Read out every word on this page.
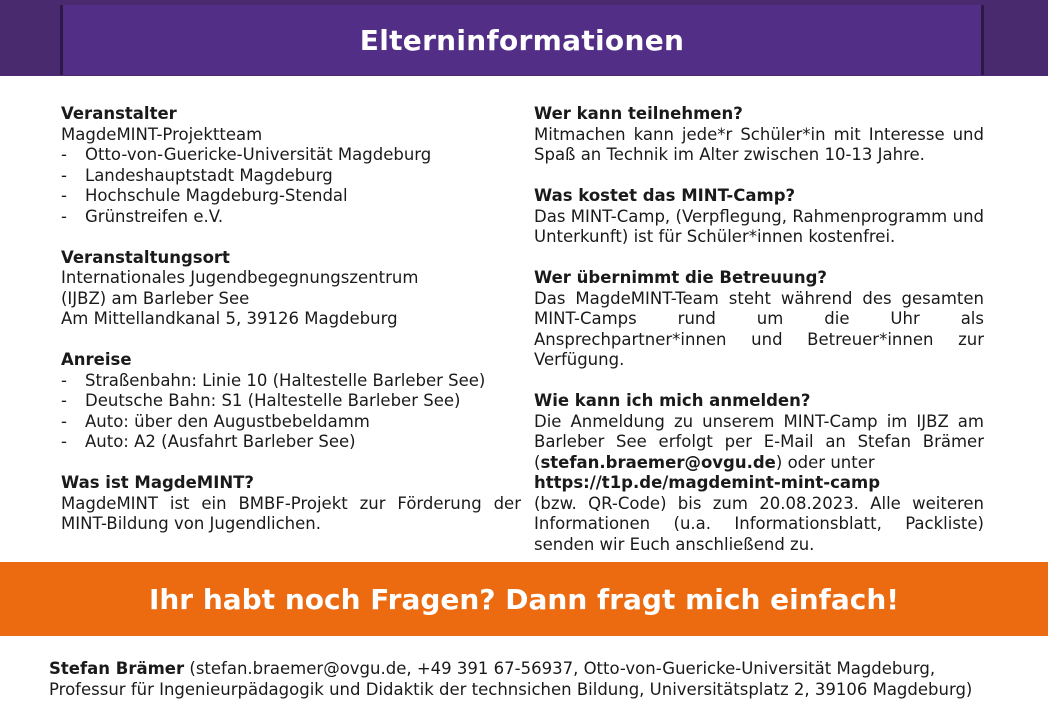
Elterninformationen
Veranstalter
MagdeMINT-Projektteam
- Otto-von-Guericke-Universität Magdeburg
- Landeshauptstadt Magdeburg
- Hochschule Magdeburg-Stendal
- Grünstreifen e.V.
Veranstaltungsort
Internationales Jugendbegegnungszentrum
(IJBZ) am Barleber See
Am Mittellandkanal 5, 39126 Magdeburg
Anreise
- Straßenbahn: Linie 10 (Haltestelle Barleber See)
- Deutsche Bahn: S1 (Haltestelle Barleber See)
- Auto: über den Augustbebeldamm
- Auto: A2 (Ausfahrt Barleber See)
Was ist MagdeMINT?
MagdeMINT ist ein BMBF-Projekt zur Förderung der MINT-Bildung von Jugendlichen.
Wer kann teilnehmen?
Mitmachen kann jede*r Schüler*in mit Interesse und Spaß an Technik im Alter zwischen 10-13 Jahre.
Was kostet das MINT-Camp?
Das MINT-Camp, (Verpflegung, Rahmenprogramm und Unterkunft) ist für Schüler*innen kostenfrei.
Wer übernimmt die Betreuung?
Das MagdeMINT-Team steht während des gesamten MINT-Camps rund um die Uhr als Ansprechpartner*innen und Betreuer*innen zur Verfügung.
Wie kann ich mich anmelden?
Die Anmeldung zu unserem MINT-Camp im IJBZ am Barleber See erfolgt per E-Mail an Stefan Brämer (stefan.braemer@ovgu.de) oder unter
https://t1p.de/magdemint-mint-camp
(bzw. QR-Code) bis zum 20.08.2023. Alle weiteren Informationen (u.a. Informationsblatt, Packliste) senden wir Euch anschließend zu.
Ihr habt noch Fragen? Dann fragt mich einfach!
Stefan Brämer (stefan.braemer@ovgu.de, +49 391 67-56937, Otto-von-Guericke-Universität Magdeburg, Professur für Ingenieurpädagogik und Didaktik der technsichen Bildung, Universitätsplatz 2, 39106 Magdeburg)
